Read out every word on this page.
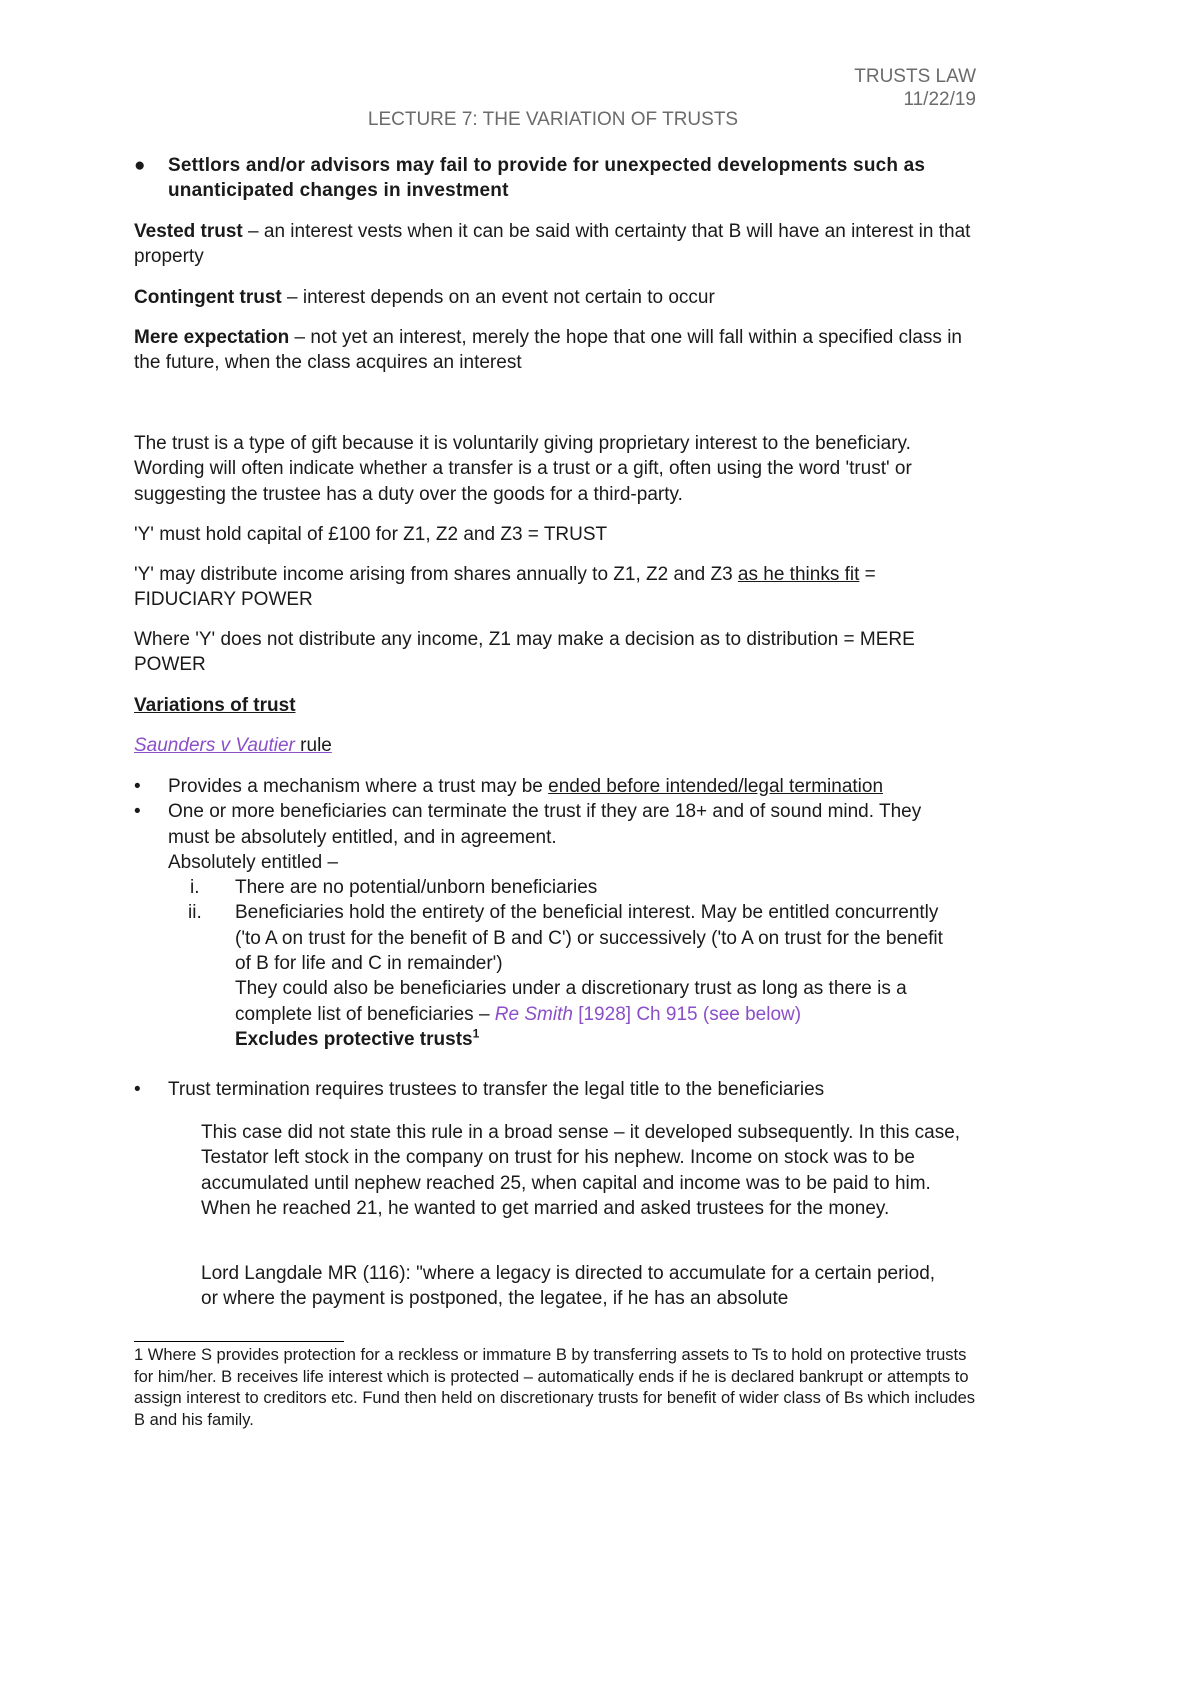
TRUSTS LAW
11/22/19
LECTURE 7: THE VARIATION OF TRUSTS
● Settlors and/or advisors may fail to provide for unexpected developments such as unanticipated changes in investment
Vested trust – an interest vests when it can be said with certainty that B will have an interest in that property
Contingent trust – interest depends on an event not certain to occur
Mere expectation – not yet an interest, merely the hope that one will fall within a specified class in the future, when the class acquires an interest
The trust is a type of gift because it is voluntarily giving proprietary interest to the beneficiary. Wording will often indicate whether a transfer is a trust or a gift, often using the word 'trust' or suggesting the trustee has a duty over the goods for a third-party.
'Y' must hold capital of £100 for Z1, Z2 and Z3 = TRUST
'Y' may distribute income arising from shares annually to Z1, Z2 and Z3 as he thinks fit = FIDUCIARY POWER
Where 'Y' does not distribute any income, Z1 may make a decision as to distribution = MERE POWER
Variations of trust
Saunders v Vautier rule
• Provides a mechanism where a trust may be ended before intended/legal termination
• One or more beneficiaries can terminate the trust if they are 18+ and of sound mind. They must be absolutely entitled, and in agreement.
Absolutely entitled –
i. There are no potential/unborn beneficiaries
ii. Beneficiaries hold the entirety of the beneficial interest. May be entitled concurrently ('to A on trust for the benefit of B and C') or successively ('to A on trust for the benefit of B for life and C in remainder')
They could also be beneficiaries under a discretionary trust as long as there is a complete list of beneficiaries – Re Smith [1928] Ch 915 (see below)
Excludes protective trusts$^1$
• Trust termination requires trustees to transfer the legal title to the beneficiaries
This case did not state this rule in a broad sense – it developed subsequently. In this case, Testator left stock in the company on trust for his nephew. Income on stock was to be accumulated until nephew reached 25, when capital and income was to be paid to him. When he reached 21, he wanted to get married and asked trustees for the money.
Lord Langdale MR (116): "where a legacy is directed to accumulate for a certain period, or where the payment is postponed, the legatee, if he has an absolute
1 Where S provides protection for a reckless or immature B by transferring assets to Ts to hold on protective trusts for him/her. B receives life interest which is protected – automatically ends if he is declared bankrupt or attempts to assign interest to creditors etc. Fund then held on discretionary trusts for benefit of wider class of Bs which includes B and his family.
